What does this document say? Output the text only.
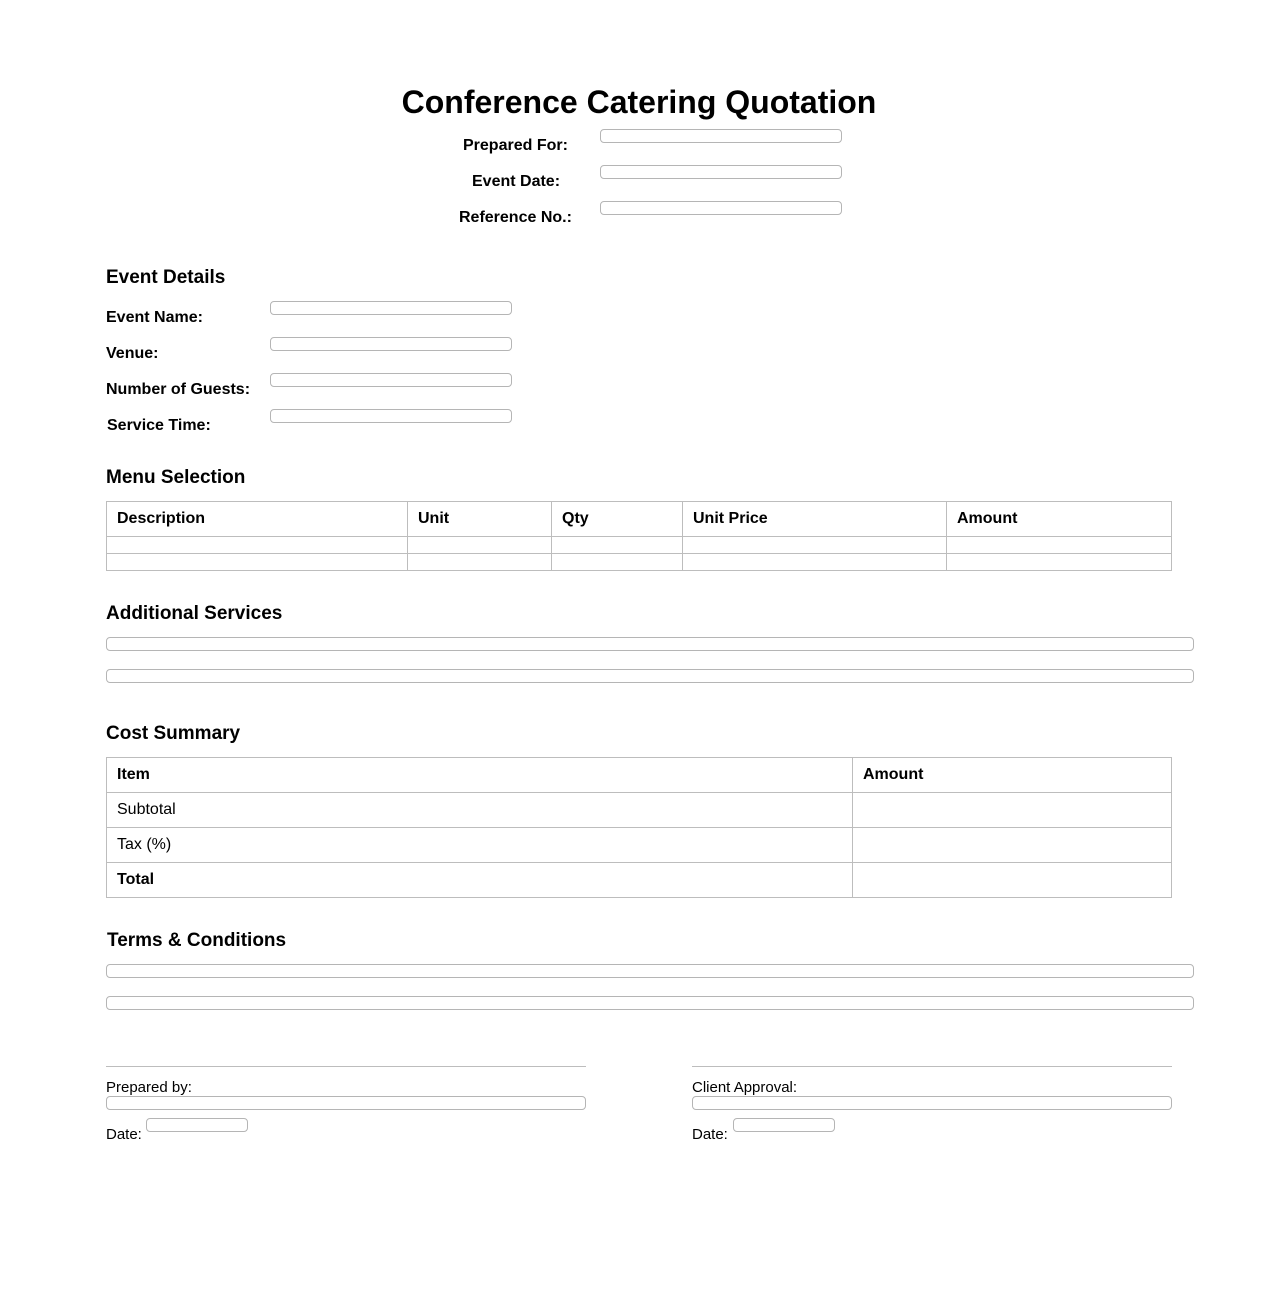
Conference Catering Quotation
Prepared For:
Event Date:
Reference No.:
Event Details
Event Name:
Venue:
Number of Guests:
Service Time:
Menu Selection
Description	Unit	Qty	Unit Price	Amount

Additional Services
Cost Summary
Item	Amount
Subtotal	
Tax (%)	
Total	
Terms & Conditions
Prepared by:
Date:
Client Approval:
Date:
